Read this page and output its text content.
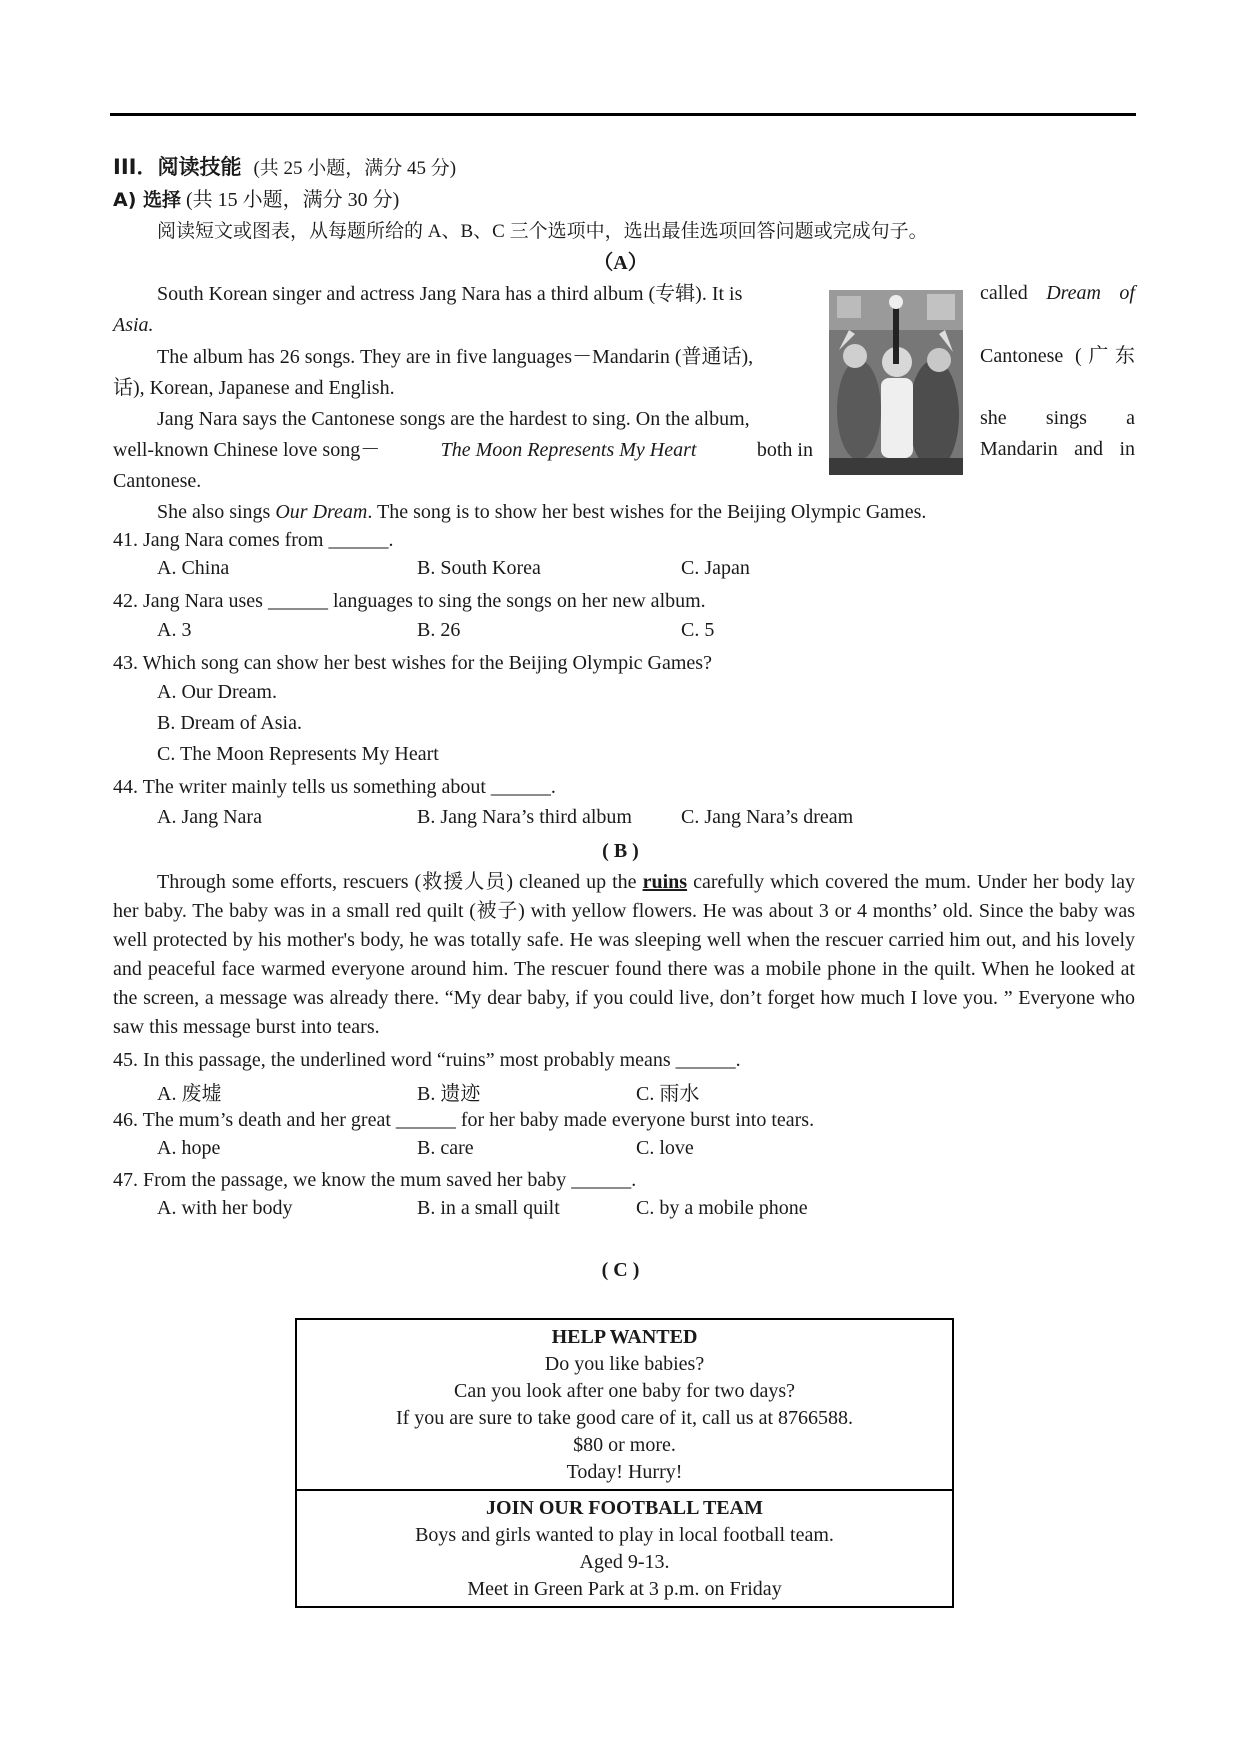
III．阅读技能 (共 25 小题，满分 45 分)
A) 选择 (共 15 小题，满分 30 分)
阅读短文或图表，从每题所给的 A、B、C 三个选项中，选出最佳选项回答问题或完成句子。
（A）
South Korean singer and actress Jang Nara has a third album (专辑). It is	called Dream of
Asia.
The album has 26 songs. They are in five languages－Mandarin (普通话),	Cantonese (广东
话), Korean, Japanese and English.
Jang Nara says the Cantonese songs are the hardest to sing. On the album,	she sings a
well-known Chinese love song－	The Moon Represents My Heart	both in	Mandarin and in
Cantonese.
She also sings Our Dream. The song is to show her best wishes for the Beijing Olympic Games.
41. Jang Nara comes from ______.
A. China	B. South Korea	C. Japan
42. Jang Nara uses ______ languages to sing the songs on her new album.
A. 3	B. 26	C. 5
43. Which song can show her best wishes for the Beijing Olympic Games?
A. Our Dream.
B. Dream of Asia.
C. The Moon Represents My Heart
44. The writer mainly tells us something about ______.
A. Jang Nara	B. Jang Nara’s third album C. Jang Nara’s dream
( B )
Through some efforts, rescuers (救援人员) cleaned up the ruins carefully which covered the mum. Under her body lay her baby. The baby was in a small red quilt (被子) with yellow flowers. He was about 3 or 4 months’ old. Since the baby was well protected by his mother's body, he was totally safe. He was sleeping well when the rescuer carried him out, and his lovely and peaceful face warmed everyone around him. The rescuer found there was a mobile phone in the quilt. When he looked at the screen, a message was already there. “My dear baby, if you could live, don’t forget how much I love you. ” Everyone who saw this message burst into tears.
45. In this passage, the underlined word “ruins” most probably means ______.
A. 废墟	B. 遗迹	C. 雨水
46. The mum’s death and her great ______ for her baby made everyone burst into tears.
A. hope	B. care	C. love
47. From the passage, we know the mum saved her baby ______.
A. with her body	B. in a small quilt	C. by a mobile phone
( C )
HELP WANTED
Do you like babies?
Can you look after one baby for two days?
If you are sure to take good care of it, call us at 8766588.
$80 or more.
Today! Hurry!
JOIN OUR FOOTBALL TEAM
Boys and girls wanted to play in local football team.
Aged 9-13.
Meet in Green Park at 3 p.m. on Friday
